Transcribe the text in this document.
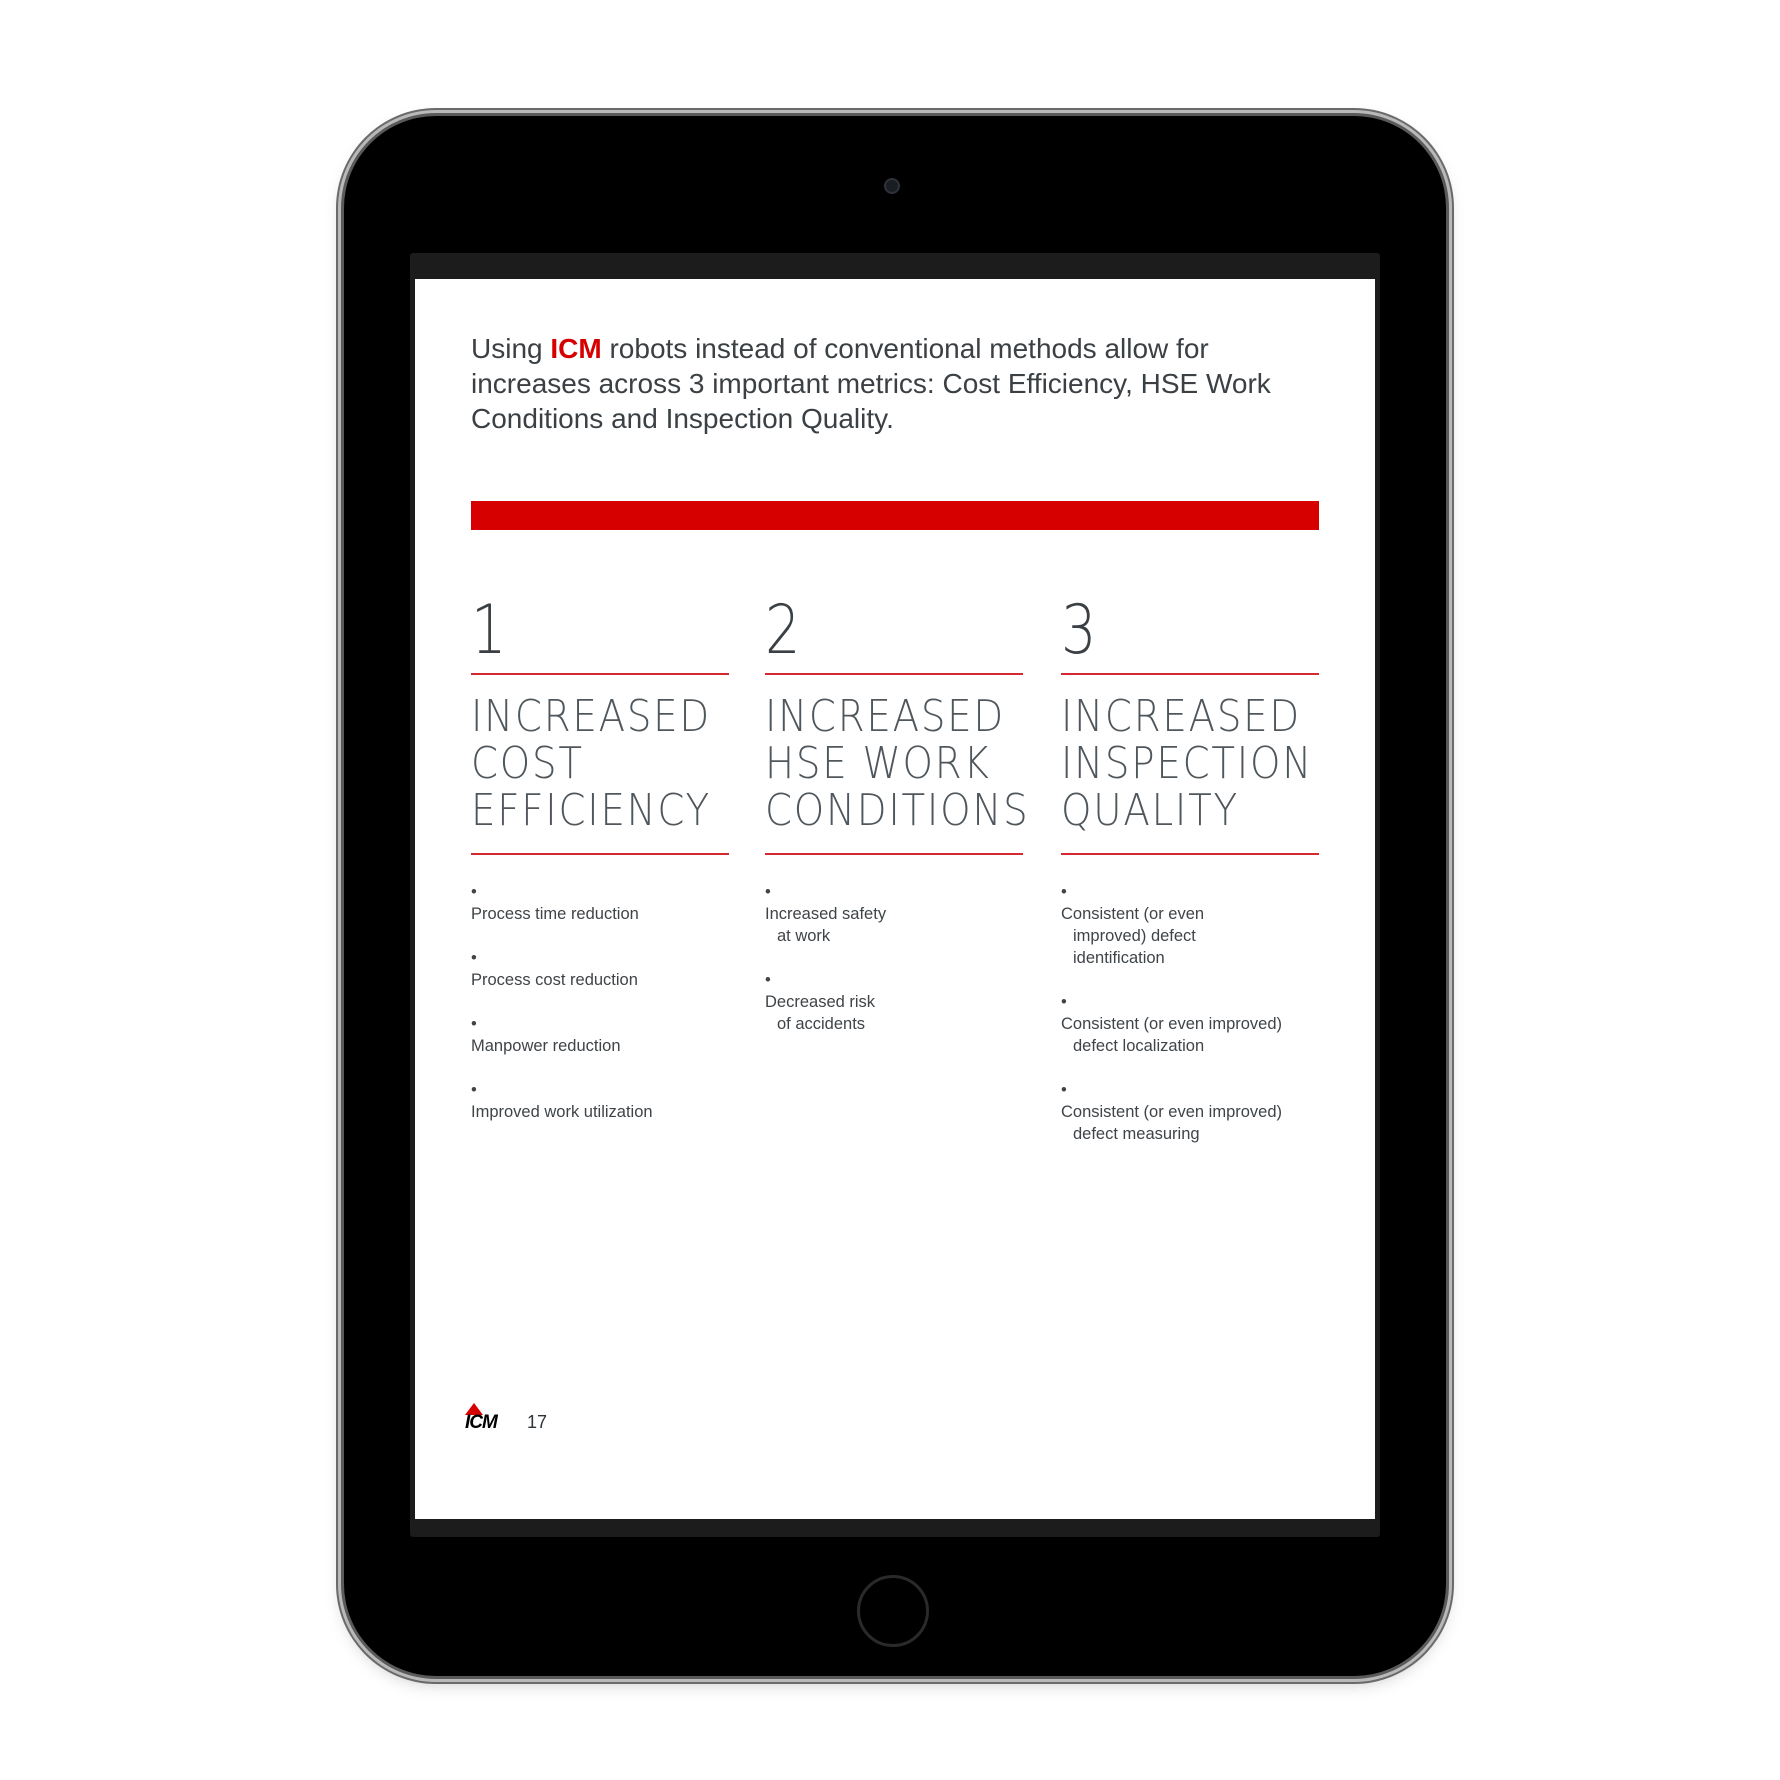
Using ICM robots instead of conventional methods allow for increases across 3 important metrics: Cost Efficiency, HSE Work Conditions and Inspection Quality.

1
INCREASED
COST
EFFICIENCY
• Process time reduction
• Process cost reduction
• Manpower reduction
• Improved work utilization
2
INCREASED
HSE WORK
CONDITIONS
• Increased safety
at work
• Decreased risk
of accidents
3
INCREASED
INSPECTION
QUALITY
• Consistent (or even
improved) defect
identification
• Consistent (or even improved)
defect localization
• Consistent (or even improved)
defect measuring
ICM 17
